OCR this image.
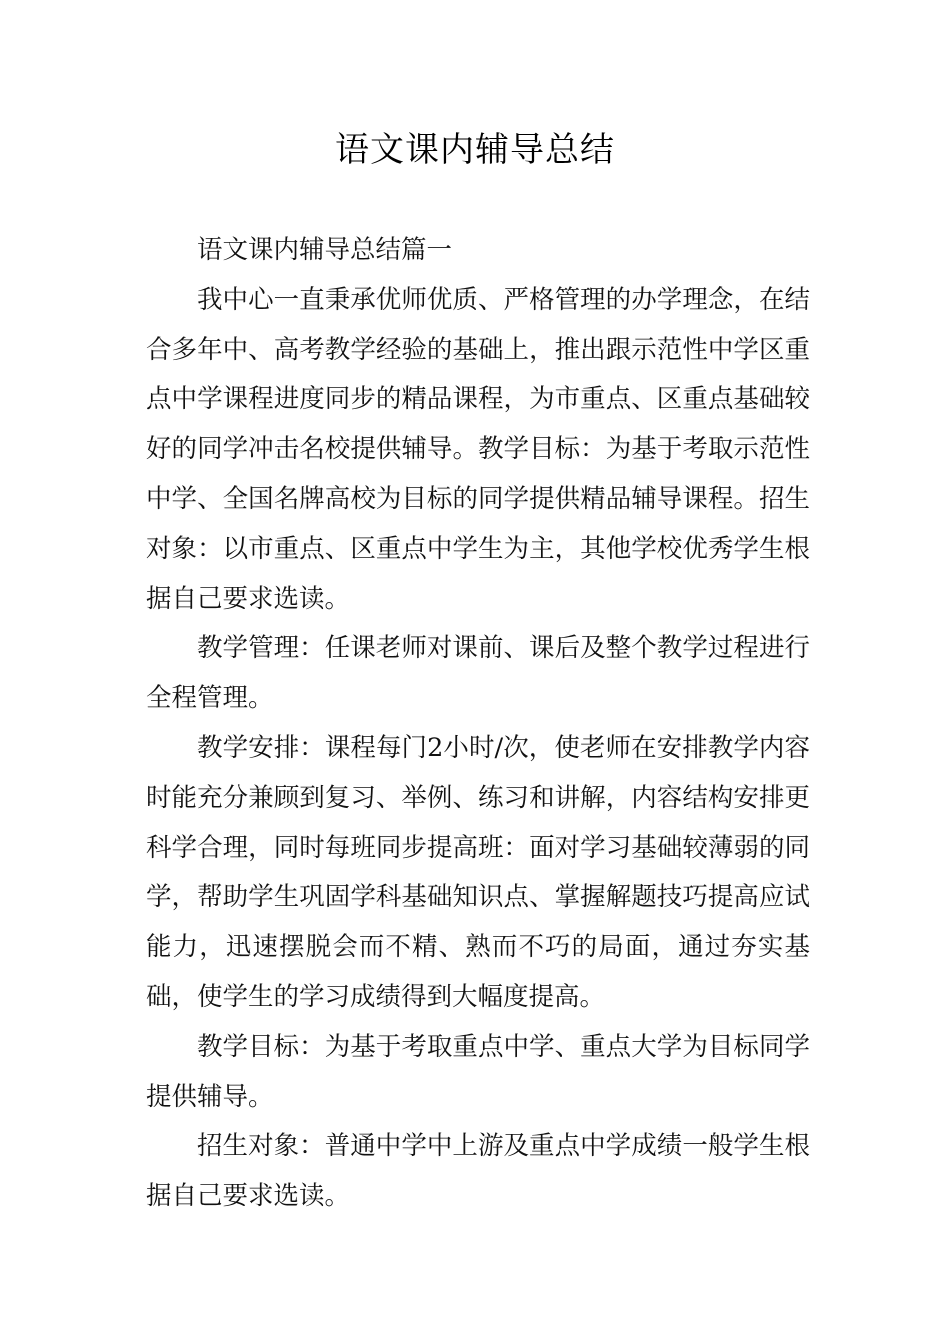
语文课内辅导总结

语文课内辅导总结篇一

我中心一直秉承优师优质、严格管理的办学理念，在结合多年中、高考教学经验的基础上，推出跟示范性中学区重点中学课程进度同步的精品课程，为市重点、区重点基础较好的同学冲击名校提供辅导。教学目标：为基于考取示范性中学、全国名牌高校为目标的同学提供精品辅导课程。招生对象：以市重点、区重点中学生为主，其他学校优秀学生根据自己要求选读。

教学管理：任课老师对课前、课后及整个教学过程进行全程管理。

教学安排：课程每门2小时/次，使老师在安排教学内容时能充分兼顾到复习、举例、练习和讲解，内容结构安排更科学合理，同时每班同步提高班：面对学习基础较薄弱的同学，帮助学生巩固学科基础知识点、掌握解题技巧提高应试能力，迅速摆脱会而不精、熟而不巧的局面，通过夯实基础，使学生的学习成绩得到大幅度提高。

教学目标：为基于考取重点中学、重点大学为目标同学提供辅导。

招生对象：普通中学中上游及重点中学成绩一般学生根据自己要求选读。
